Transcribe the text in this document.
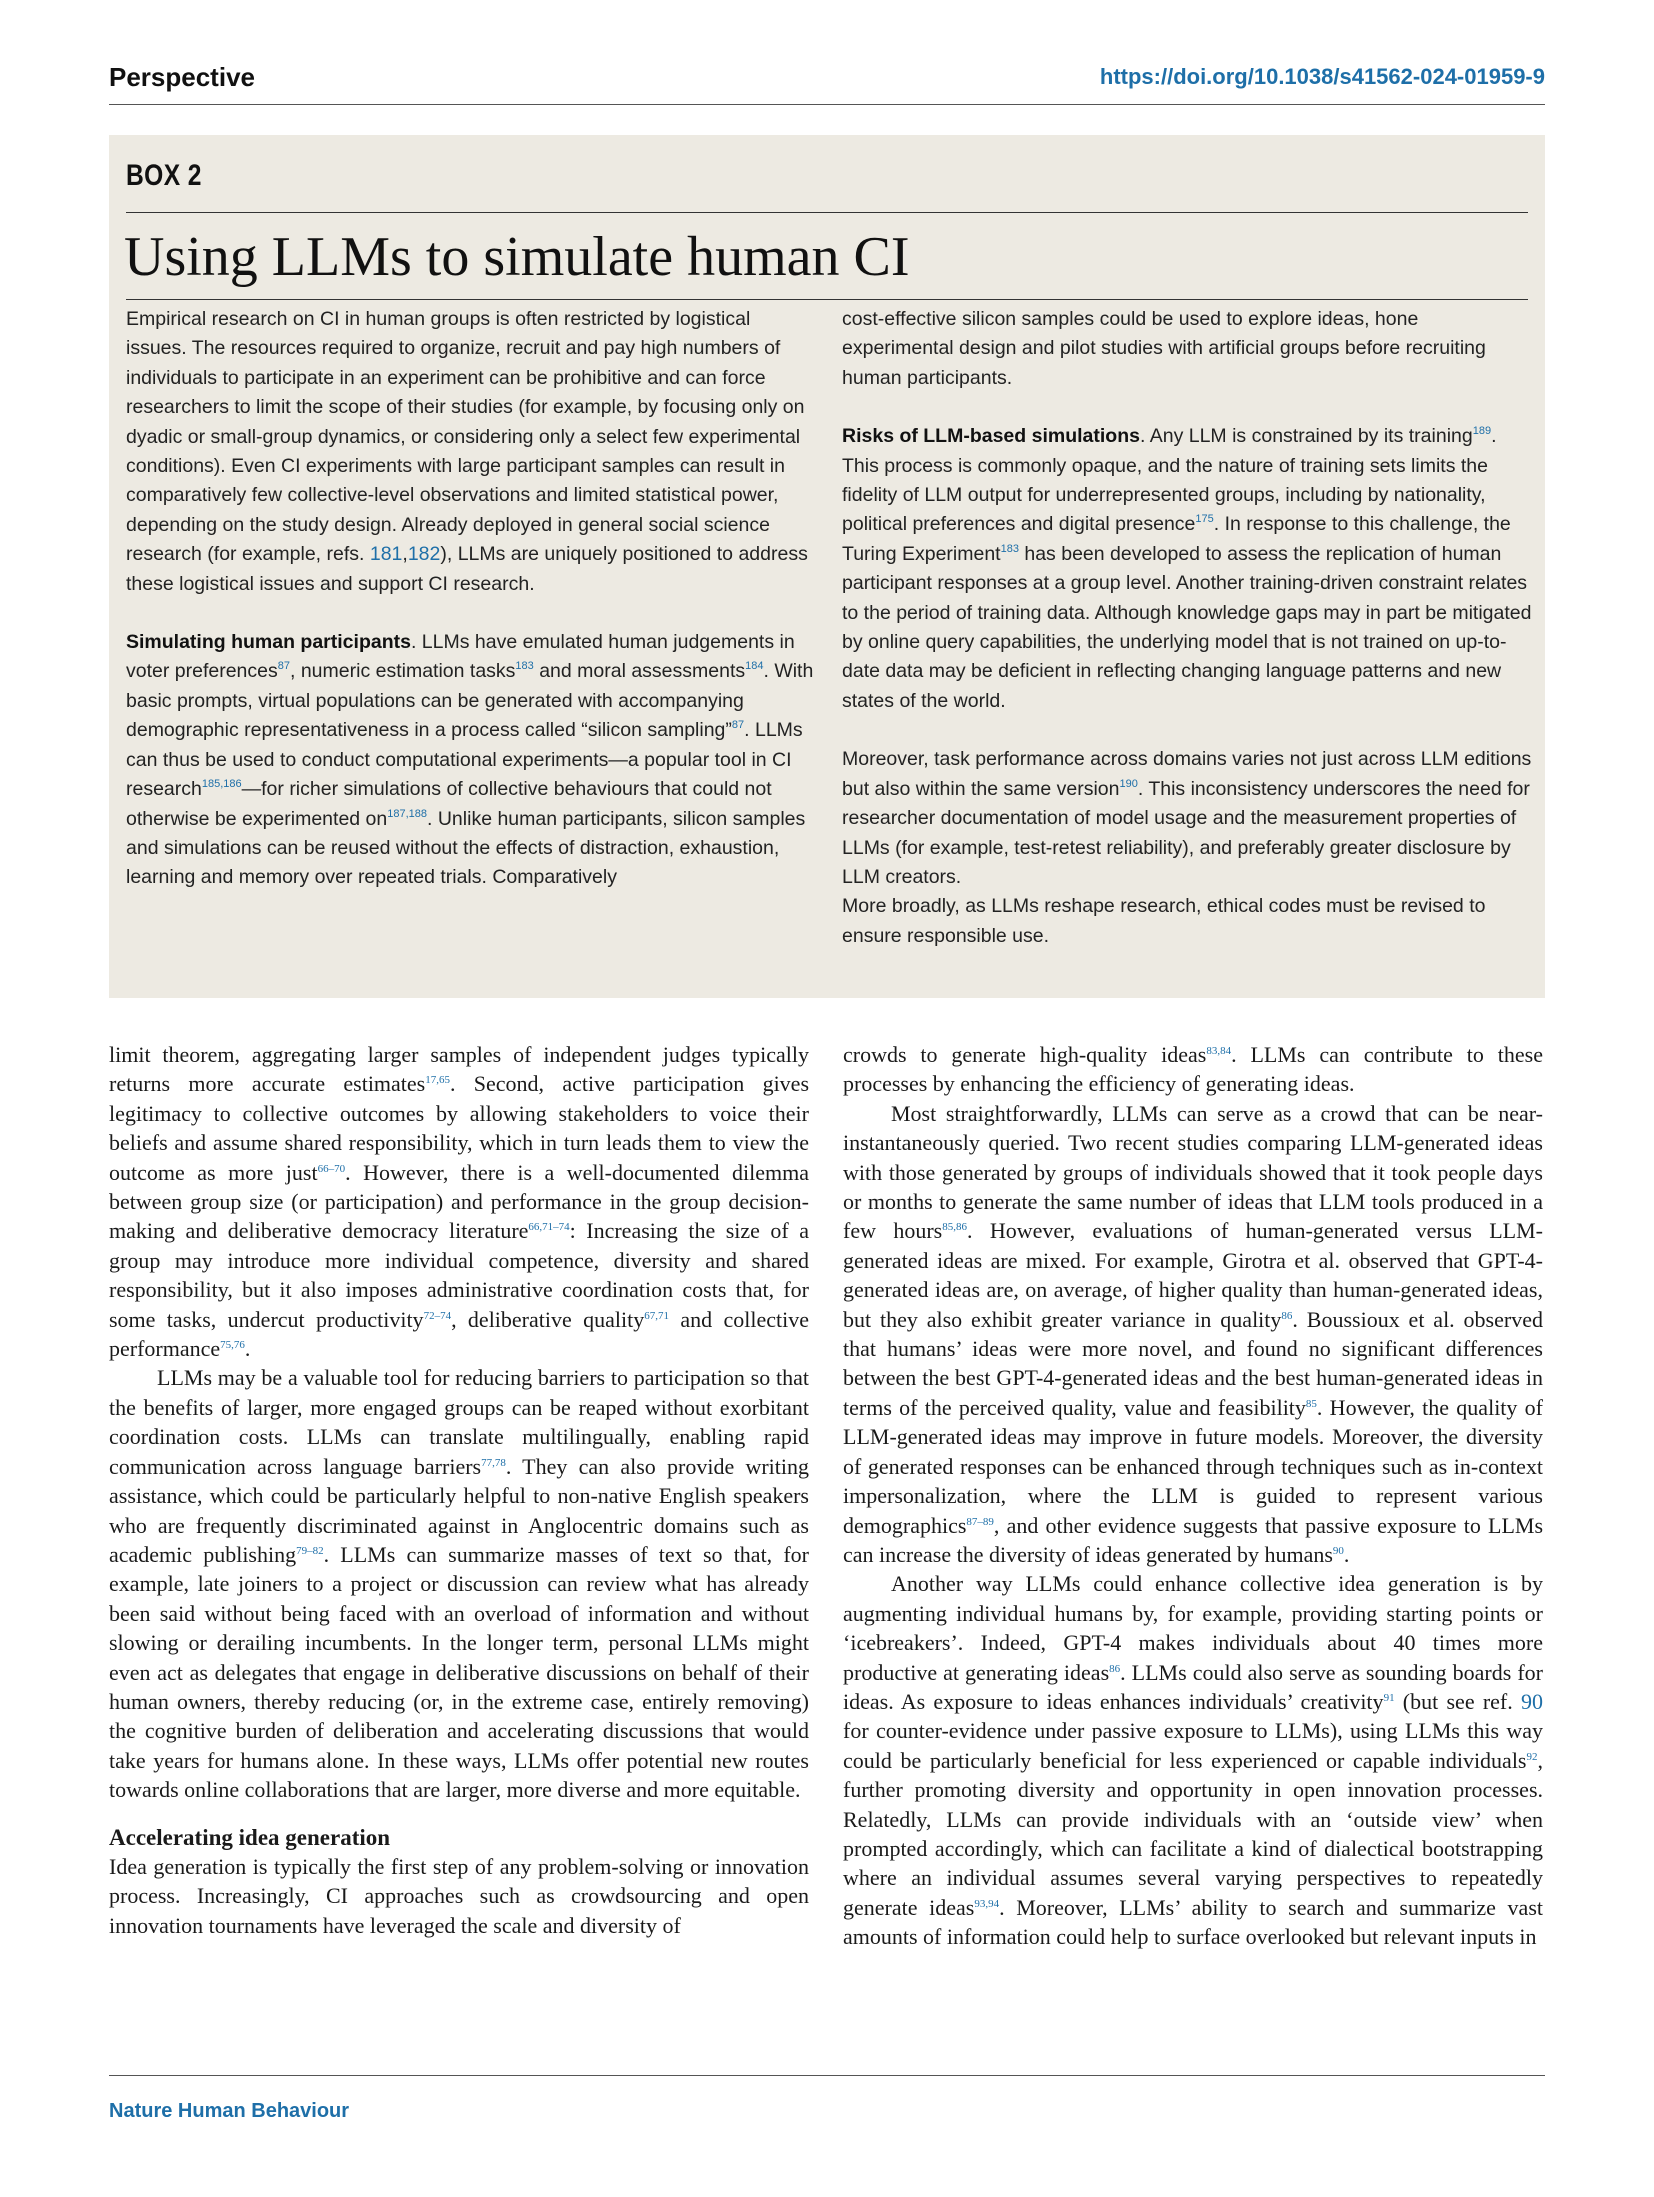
Perspective	https://doi.org/10.1038/s41562-024-01959-9
BOX 2
Using LLMs to simulate human CI

Empirical research on CI in human groups is often restricted by logistical issues. The resources required to organize, recruit and pay high numbers of individuals to participate in an experiment can be prohibitive and can force researchers to limit the scope of their studies (for example, by focusing only on dyadic or small-group dynamics, or considering only a select few experimental conditions). Even CI experiments with large participant samples can result in comparatively few collective-level observations and limited statistical power, depending on the study design. Already deployed in general social science research (for example, refs. 181,182), LLMs are uniquely positioned to address these logistical issues and support CI research.

Simulating human participants. LLMs have emulated human judgements in voter preferences$^{87}$, numeric estimation tasks$^{183}$ and moral assessments$^{184}$. With basic prompts, virtual populations can be generated with accompanying demographic representativeness in a process called “silicon sampling”$^{87}$. LLMs can thus be used to conduct computational experiments—a popular tool in CI research$^{185,186}$—for richer simulations of collective behaviours that could not otherwise be experimented on$^{187,188}$. Unlike human participants, silicon samples and simulations can be reused without the effects of distraction, exhaustion, learning and memory over repeated trials. Comparatively

cost-effective silicon samples could be used to explore ideas, hone experimental design and pilot studies with artificial groups before recruiting human participants.

Risks of LLM-based simulations. Any LLM is constrained by its training$^{189}$. This process is commonly opaque, and the nature of training sets limits the fidelity of LLM output for underrepresented groups, including by nationality, political preferences and digital presence$^{175}$. In response to this challenge, the Turing Experiment$^{183}$ has been developed to assess the replication of human participant responses at a group level. Another training-driven constraint relates to the period of training data. Although knowledge gaps may in part be mitigated by online query capabilities, the underlying model that is not trained on up-to-date data may be deficient in reflecting changing language patterns and new states of the world.

Moreover, task performance across domains varies not just across LLM editions but also within the same version$^{190}$. This inconsistency underscores the need for researcher documentation of model usage and the measurement properties of LLMs (for example, test-retest reliability), and preferably greater disclosure by LLM creators.

More broadly, as LLMs reshape research, ethical codes must be revised to ensure responsible use.

limit theorem, aggregating larger samples of independent judges typically returns more accurate estimates$^{17,65}$. Second, active participation gives legitimacy to collective outcomes by allowing stakeholders to voice their beliefs and assume shared responsibility, which in turn leads them to view the outcome as more just$^{66-70}$. However, there is a well-documented dilemma between group size (or participation) and performance in the group decision-making and deliberative democracy literature$^{66,71-74}$: Increasing the size of a group may introduce more individual competence, diversity and shared responsibility, but it also imposes administrative coordination costs that, for some tasks, undercut productivity$^{72-74}$, deliberative quality$^{67,71}$ and collective performance$^{75,76}$.

LLMs may be a valuable tool for reducing barriers to participation so that the benefits of larger, more engaged groups can be reaped without exorbitant coordination costs. LLMs can translate multilingually, enabling rapid communication across language barriers$^{77,78}$. They can also provide writing assistance, which could be particularly helpful to non-native English speakers who are frequently discriminated against in Anglocentric domains such as academic publishing$^{79-82}$. LLMs can summarize masses of text so that, for example, late joiners to a project or discussion can review what has already been said without being faced with an overload of information and without slowing or derailing incumbents. In the longer term, personal LLMs might even act as delegates that engage in deliberative discussions on behalf of their human owners, thereby reducing (or, in the extreme case, entirely removing) the cognitive burden of deliberation and accelerating discussions that would take years for humans alone. In these ways, LLMs offer potential new routes towards online collaborations that are larger, more diverse and more equitable.

Accelerating idea generation

Idea generation is typically the first step of any problem-solving or innovation process. Increasingly, CI approaches such as crowdsourcing and open innovation tournaments have leveraged the scale and diversity of

crowds to generate high-quality ideas$^{83,84}$. LLMs can contribute to these processes by enhancing the efficiency of generating ideas.

Most straightforwardly, LLMs can serve as a crowd that can be near-instantaneously queried. Two recent studies comparing LLM-generated ideas with those generated by groups of individuals showed that it took people days or months to generate the same number of ideas that LLM tools produced in a few hours$^{85,86}$. However, evaluations of human-generated versus LLM-generated ideas are mixed. For example, Girotra et al. observed that GPT-4-generated ideas are, on average, of higher quality than human-generated ideas, but they also exhibit greater variance in quality$^{86}$. Boussioux et al. observed that humans’ ideas were more novel, and found no significant differences between the best GPT-4-generated ideas and the best human-generated ideas in terms of the perceived quality, value and feasibility$^{85}$. However, the quality of LLM-generated ideas may improve in future models. Moreover, the diversity of generated responses can be enhanced through techniques such as in-context impersonalization, where the LLM is guided to represent various demographics$^{87-89}$, and other evidence suggests that passive exposure to LLMs can increase the diversity of ideas generated by humans$^{90}$.

Another way LLMs could enhance collective idea generation is by augmenting individual humans by, for example, providing starting points or ‘icebreakers’. Indeed, GPT-4 makes individuals about 40 times more productive at generating ideas$^{86}$. LLMs could also serve as sounding boards for ideas. As exposure to ideas enhances individuals’ creativity$^{91}$ (but see ref. 90 for counter-evidence under passive exposure to LLMs), using LLMs this way could be particularly beneficial for less experienced or capable individuals$^{92}$, further promoting diversity and opportunity in open innovation processes. Relatedly, LLMs can provide individuals with an ‘outside view’ when prompted accordingly, which can facilitate a kind of dialectical bootstrapping where an individual assumes several varying perspectives to repeatedly generate ideas$^{93,94}$. Moreover, LLMs’ ability to search and summarize vast amounts of information could help to surface overlooked but relevant inputs in

Nature Human Behaviour
